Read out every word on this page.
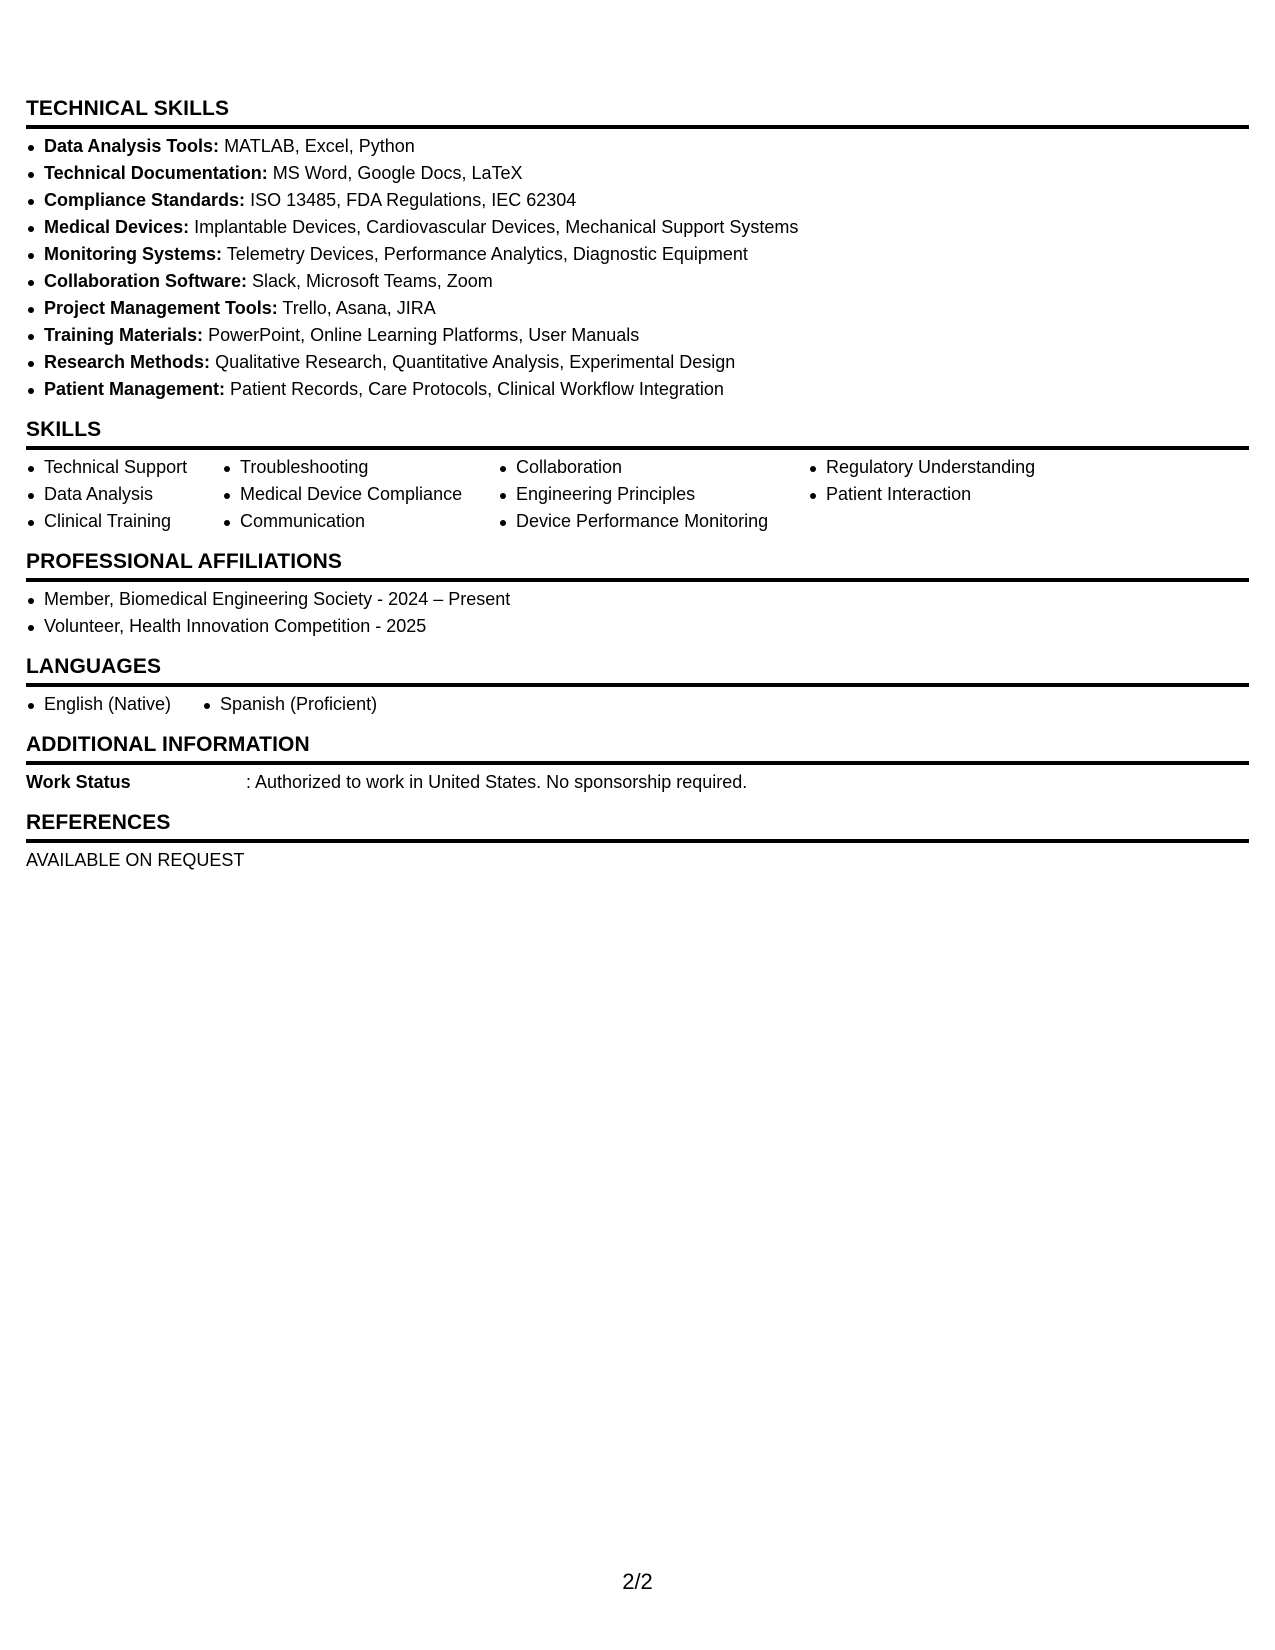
TECHNICAL SKILLS
Data Analysis Tools: MATLAB, Excel, Python
Technical Documentation: MS Word, Google Docs, LaTeX
Compliance Standards: ISO 13485, FDA Regulations, IEC 62304
Medical Devices: Implantable Devices, Cardiovascular Devices, Mechanical Support Systems
Monitoring Systems: Telemetry Devices, Performance Analytics, Diagnostic Equipment
Collaboration Software: Slack, Microsoft Teams, Zoom
Project Management Tools: Trello, Asana, JIRA
Training Materials: PowerPoint, Online Learning Platforms, User Manuals
Research Methods: Qualitative Research, Quantitative Analysis, Experimental Design
Patient Management: Patient Records, Care Protocols, Clinical Workflow Integration
SKILLS
Technical Support
Data Analysis
Clinical Training
Troubleshooting
Medical Device Compliance
Communication
Collaboration
Engineering Principles
Device Performance Monitoring
Regulatory Understanding
Patient Interaction
PROFESSIONAL AFFILIATIONS
Member, Biomedical Engineering Society - 2024 – Present
Volunteer, Health Innovation Competition - 2025
LANGUAGES
English (Native)	Spanish (Proficient)
ADDITIONAL INFORMATION
Work Status	: Authorized to work in United States. No sponsorship required.
REFERENCES
AVAILABLE ON REQUEST
2/2
